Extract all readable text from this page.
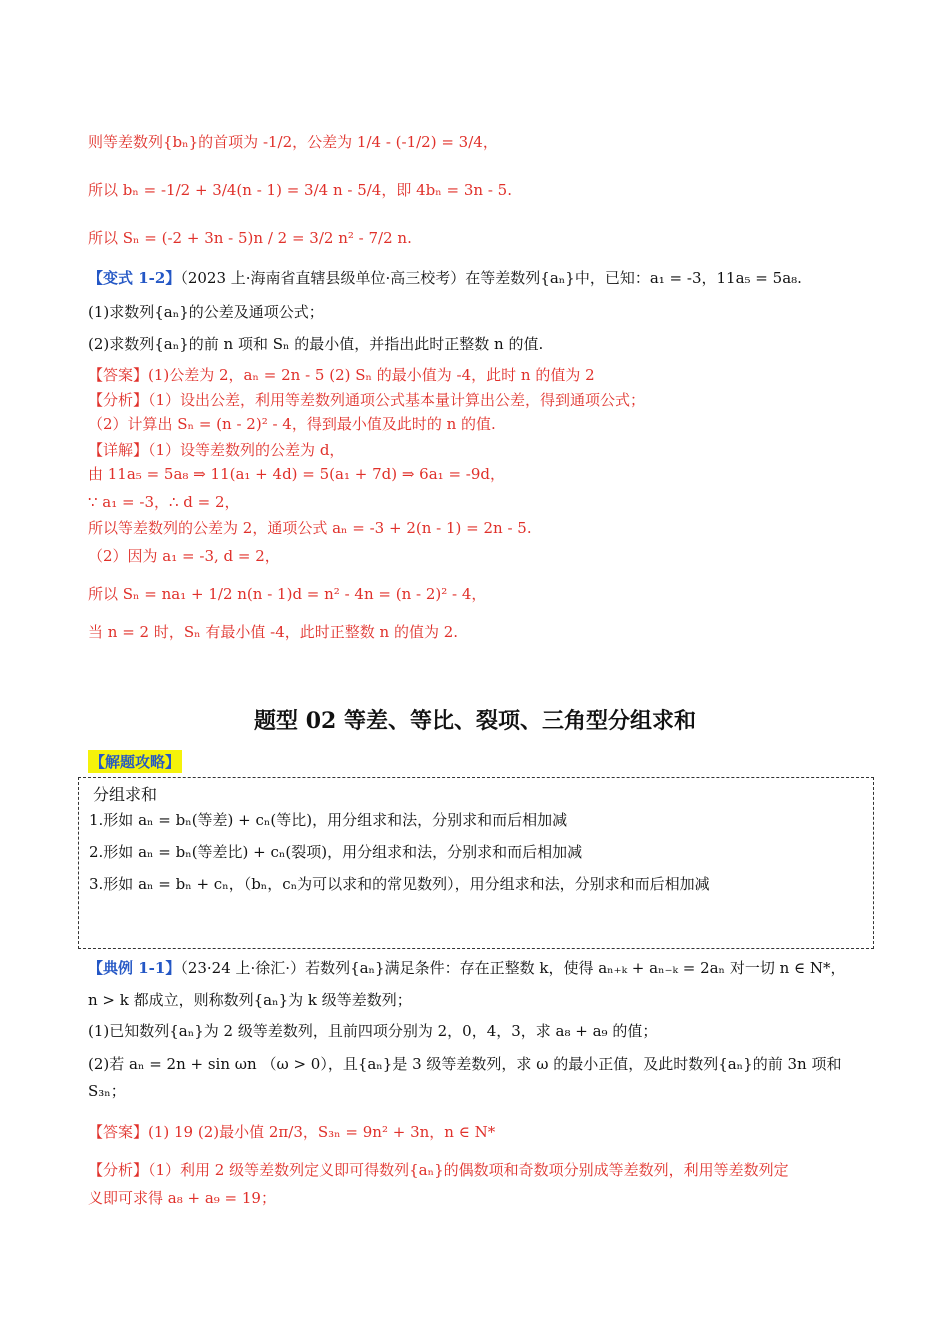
则等差数列{bₙ}的首项为 -1/2，公差为 1/4 - (-1/2) = 3/4，
所以 bₙ = -1/2 + 3/4(n - 1) = 3/4 n - 5/4，即 4bₙ = 3n - 5.
所以 Sₙ = (-2 + 3n - 5)n / 2 = 3/2 n² - 7/2 n.
【变式 1-2】（2023 上·海南省直辖县级单位·高三校考）在等差数列{aₙ}中，已知：a₁ = -3，11a₅ = 5a₈.
(1)求数列{aₙ}的公差及通项公式；
(2)求数列{aₙ}的前 n 项和 Sₙ 的最小值，并指出此时正整数 n 的值.
【答案】(1)公差为 2，aₙ = 2n - 5 (2) Sₙ 的最小值为 -4，此时 n 的值为 2
【分析】（1）设出公差，利用等差数列通项公式基本量计算出公差，得到通项公式；
（2）计算出 Sₙ = (n - 2)² - 4，得到最小值及此时的 n 的值.
【详解】（1）设等差数列的公差为 d，
由 11a₅ = 5a₈ ⇒ 11(a₁ + 4d) = 5(a₁ + 7d) ⇒ 6a₁ = -9d，
∵ a₁ = -3，∴ d = 2，
所以等差数列的公差为 2，通项公式 aₙ = -3 + 2(n - 1) = 2n - 5.
（2）因为 a₁ = -3, d = 2，
所以 Sₙ = na₁ + 1/2 n(n - 1)d = n² - 4n = (n - 2)² - 4，
当 n = 2 时，Sₙ 有最小值 -4，此时正整数 n 的值为 2.
题型 02 等差、等比、裂项、三角型分组求和
【解题攻略】
分组求和
1.形如 aₙ = bₙ(等差) + cₙ(等比)，用分组求和法，分别求和而后相加减
2.形如 aₙ = bₙ(等差比) + cₙ(裂项)，用分组求和法，分别求和而后相加减
3.形如 aₙ = bₙ + cₙ，（bₙ，cₙ为可以求和的常见数列），用分组求和法，分别求和而后相加减
【典例 1-1】（23·24 上·徐汇·）若数列{aₙ}满足条件：存在正整数 k，使得 aₙ₊ₖ + aₙ₋ₖ = 2aₙ 对一切 n ∈ N*，
n > k 都成立，则称数列{aₙ}为 k 级等差数列；
(1)已知数列{aₙ}为 2 级等差数列，且前四项分别为 2，0，4，3，求 a₈ + a₉ 的值；
(2)若 aₙ = 2n + sin ωn （ω > 0），且{aₙ}是 3 级等差数列，求 ω 的最小正值，及此时数列{aₙ}的前 3n 项和
S₃ₙ；
【答案】(1) 19 (2)最小值 2π/3，S₃ₙ = 9n² + 3n，n ∈ N*
【分析】（1）利用 2 级等差数列定义即可得数列{aₙ}的偶数项和奇数项分别成等差数列，利用等差数列定
义即可求得 a₈ + a₉ = 19；
